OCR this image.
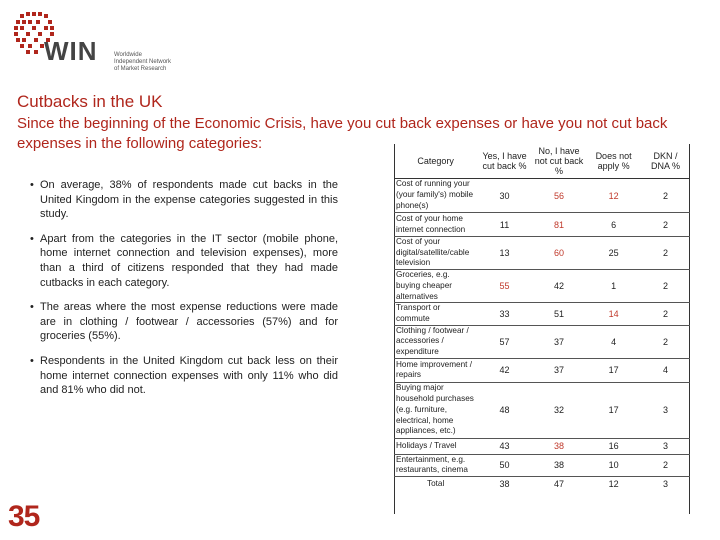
WIN	Worldwide
Independent Network
of Market Research
Cutbacks in the UK
Since the beginning of the Economic Crisis, have you cut back expenses or have you not cut back expenses in the following categories:
• On average, 38% of respondents made cut backs in the United Kingdom in the expense categories suggested in this study.
• Apart from the categories in the IT sector (mobile phone, home internet connection and television expenses), more than a third of citizens responded that they had made cutbacks in each category.
• The areas where the most expense reductions were made are in clothing / footwear / accessories (57%) and for groceries (55%).
• Respondents in the United Kingdom cut back less on their home internet connection expenses with only 11% who did and 81% who did not.
35
Category	Yes, I have cut back %	No, I have not cut back %	Does not apply %	DKN / DNA %
Cost of running your (your family's) mobile phone(s)	30	56	12	2
Cost of your home internet connection	11	81	6	2
Cost of your digital/satellite/cable television	13	60	25	2
Groceries, e.g. buying cheaper alternatives	55	42	1	2
Transport or commute	33	51	14	2
Clothing / footwear / accessories / expenditure	57	37	4	2
Home improvement / repairs	42	37	17	4
Buying major household purchases (e.g. furniture, electrical, home appliances, etc.)	48	32	17	3
Holidays / Travel	43	38	16	3
Entertainment, e.g. restaurants, cinema	50	38	10	2
Total	38	47	12	3
